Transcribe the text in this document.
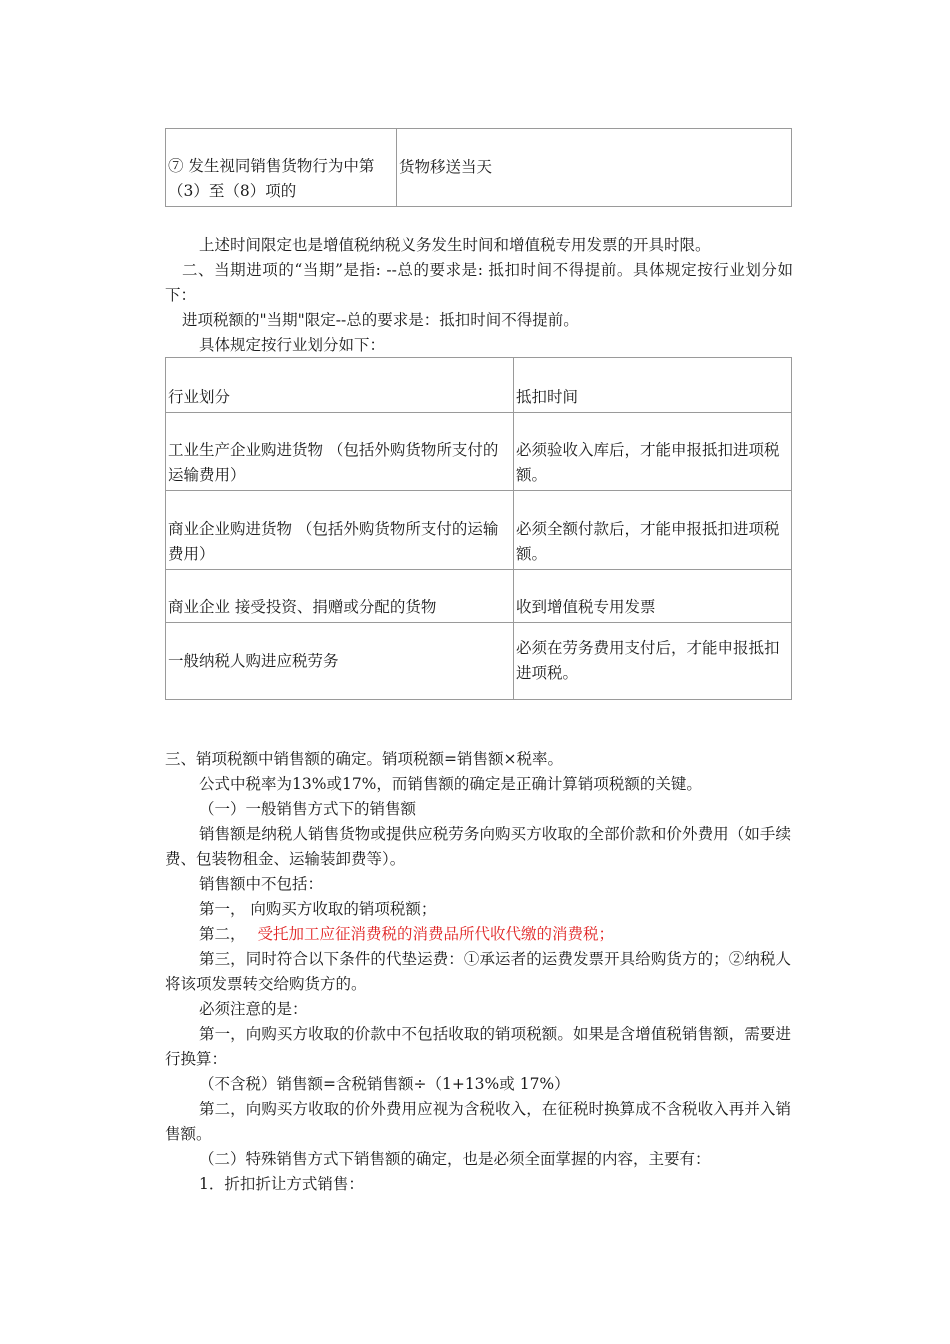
⑦ 发生视同销售货物行为中第（3）至（8）项的	货物移送当天
上述时间限定也是增值税纳税义务发生时间和增值税专用发票的开具时限。
二、当期进项的“当期”是指: --总的要求是: 抵扣时间不得提前。具体规定按行业划分如下：
进项税额的"当期"限定--总的要求是：抵扣时间不得提前。
具体规定按行业划分如下：
行业划分	抵扣时间
工业生产企业购进货物 （包括外购货物所支付的运输费用）	必须验收入库后，才能申报抵扣进项税额。
商业企业购进货物 （包括外购货物所支付的运输费用）	必须全额付款后，才能申报抵扣进项税额。
商业企业 接受投资、捐赠或分配的货物	收到增值税专用发票
一般纳税人购进应税劳务	必须在劳务费用支付后，才能申报抵扣进项税。
三、销项税额中销售额的确定。销项税额=销售额×税率。
公式中税率为13%或17%，而销售额的确定是正确计算销项税额的关键。
（一）一般销售方式下的销售额
销售额是纳税人销售货物或提供应税劳务向购买方收取的全部价款和价外费用（如手续费、包装物租金、运输装卸费等）。
销售额中不包括：
第一， 向购买方收取的销项税额；
第二， 受托加工应征消费税的消费品所代收代缴的消费税；
第三，同时符合以下条件的代垫运费：①承运者的运费发票开具给购货方的；②纳税人将该项发票转交给购货方的。
必须注意的是：
第一，向购买方收取的价款中不包括收取的销项税额。如果是含增值税销售额，需要进行换算：
（不含税）销售额=含税销售额÷（1+13%或 17%）
第二，向购买方收取的价外费用应视为含税收入，在征税时换算成不含税收入再并入销售额。
（二）特殊销售方式下销售额的确定，也是必须全面掌握的内容，主要有：
1．折扣折让方式销售：
